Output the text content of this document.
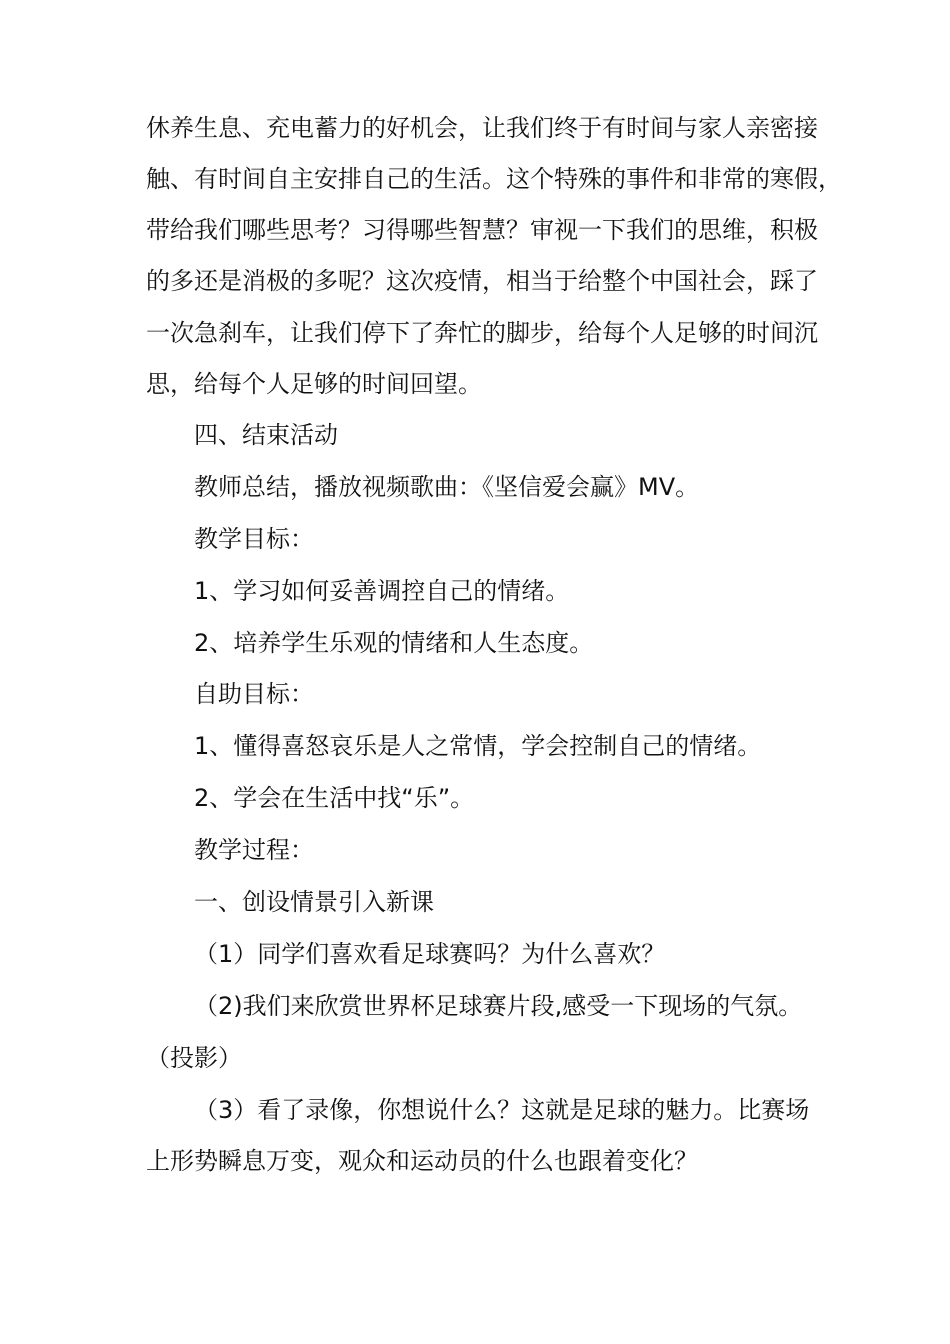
休养生息、充电蓄力的好机会，让我们终于有时间与家人亲密接
触、有时间自主安排自己的生活。这个特殊的事件和非常的寒假，
带给我们哪些思考？习得哪些智慧？审视一下我们的思维，积极
的多还是消极的多呢？这次疫情，相当于给整个中国社会，踩了
一次急刹车，让我们停下了奔忙的脚步，给每个人足够的时间沉
思，给每个人足够的时间回望。
四、结束活动
教师总结，播放视频歌曲：《坚信爱会赢》MV。
教学目标：
1、学习如何妥善调控自己的情绪。
2、培养学生乐观的情绪和人生态度。
自助目标：
1、懂得喜怒哀乐是人之常情，学会控制自己的情绪。
2、学会在生活中找“乐”。
教学过程：
一、创设情景引入新课
（1）同学们喜欢看足球赛吗？为什么喜欢？
（2)我们来欣赏世界杯足球赛片段,感受一下现场的气氛。
（投影）
（3）看了录像，你想说什么？这就是足球的魅力。比赛场
上形势瞬息万变，观众和运动员的什么也跟着变化？
